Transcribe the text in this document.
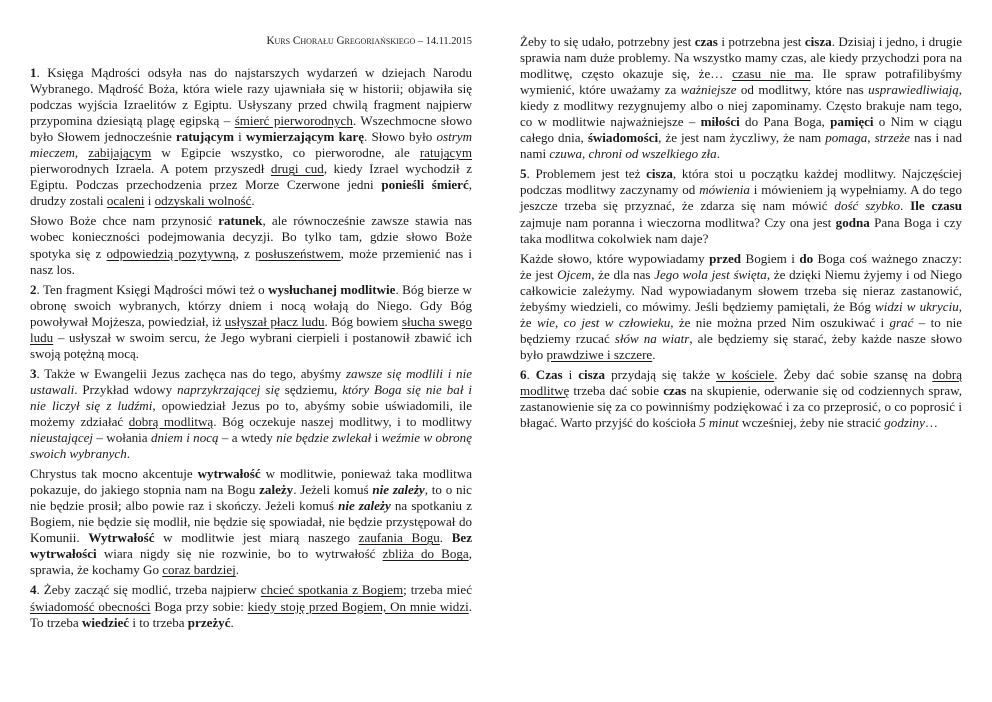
Kurs Chorału Gregoriańskiego – 14.11.2015

1. Księga Mądrości odsyła nas do najstarszych wydarzeń w dziejach Narodu Wybranego. Mądrość Boża, która wiele razy ujawniała się w historii; objawiła się podczas wyjścia Izraelitów z Egiptu. Usłyszany przed chwilą fragment najpierw przypomina dziesiątą plagę egipską – śmierć pierworodnych. Wszechmocne słowo było Słowem jednocześnie ratującym i wymierzającym karę. Słowo było ostrym mieczem, zabijającym w Egipcie wszystko, co pierworodne, ale ratującym pierworodnych Izraela. A potem przyszedł drugi cud, kiedy Izrael wychodził z Egiptu. Podczas przechodzenia przez Morze Czerwone jedni ponieśli śmierć, drudzy zostali ocaleni i odzyskali wolność.

Słowo Boże chce nam przynosić ratunek, ale równocześnie zawsze stawia nas wobec konieczności podejmowania decyzji. Bo tylko tam, gdzie słowo Boże spotyka się z odpowiedzią pozytywną, z posłuszeństwem, może przemienić nas i nasz los.

2. Ten fragment Księgi Mądrości mówi też o wysłuchanej modlitwie. Bóg bierze w obronę swoich wybranych, którzy dniem i nocą wołają do Niego. Gdy Bóg powoływał Mojżesza, powiedział, iż usłyszał płacz ludu. Bóg bowiem słucha swego ludu – usłyszał w swoim sercu, że Jego wybrani cierpieli i postanowił zbawić ich swoją potężną mocą.

3. Także w Ewangelii Jezus zachęca nas do tego, abyśmy zawsze się modlili i nie ustawali. Przykład wdowy naprzykrzającej się sędziemu, który Boga się nie bał i nie liczył się z ludźmi, opowiedział Jezus po to, abyśmy sobie uświadomili, ile możemy zdziałać dobrą modlitwą. Bóg oczekuje naszej modlitwy, i to modlitwy nieustającej – wołania dniem i nocą – a wtedy nie będzie zwlekał i weźmie w obronę swoich wybranych.

Chrystus tak mocno akcentuje wytrwałość w modlitwie, ponieważ taka modlitwa pokazuje, do jakiego stopnia nam na Bogu zależy. Jeżeli komuś nie zależy, to o nic nie będzie prosił; albo powie raz i skończy. Jeżeli komuś nie zależy na spotkaniu z Bogiem, nie będzie się modlił, nie będzie się spowiadał, nie będzie przystępował do Komunii. Wytrwałość w modlitwie jest miarą naszego zaufania Bogu. Bez wytrwałości wiara nigdy się nie rozwinie, bo to wytrwałość zbliża do Boga, sprawia, że kochamy Go coraz bardziej.

4. Żeby zacząć się modlić, trzeba najpierw chcieć spotkania z Bogiem; trzeba mieć świadomość obecności Boga przy sobie: kiedy stoję przed Bogiem, On mnie widzi. To trzeba wiedzieć i to trzeba przeżyć.

Żeby to się udało, potrzebny jest czas i potrzebna jest cisza. Dzisiaj i jedno, i drugie sprawia nam duże problemy. Na wszystko mamy czas, ale kiedy przychodzi pora na modlitwę, często okazuje się, że… czasu nie ma. Ile spraw potrafilibyśmy wymienić, które uważamy za ważniejsze od modlitwy, które nas usprawiedliwiają, kiedy z modlitwy rezygnujemy albo o niej zapominamy. Często brakuje nam tego, co w modlitwie najważniejsze – miłości do Pana Boga, pamięci o Nim w ciągu całego dnia, świadomości, że jest nam życzliwy, że nam pomaga, strzeże nas i nad nami czuwa, chroni od wszelkiego zła.

5. Problemem jest też cisza, która stoi u początku każdej modlitwy. Najczęściej podczas modlitwy zaczynamy od mówienia i mówieniem ją wypełniamy. A do tego jeszcze trzeba się przyznać, że zdarza się nam mówić dość szybko. Ile czasu zajmuje nam poranna i wieczorna modlitwa? Czy ona jest godna Pana Boga i czy taka modlitwa cokolwiek nam daje?

Każde słowo, które wypowiadamy przed Bogiem i do Boga coś ważnego znaczy: że jest Ojcem, że dla nas Jego wola jest święta, że dzięki Niemu żyjemy i od Niego całkowicie zależymy. Nad wypowiadanym słowem trzeba się nieraz zastanowić, żebyśmy wiedzieli, co mówimy. Jeśli będziemy pamiętali, że Bóg widzi w ukryciu, że wie, co jest w człowieku, że nie można przed Nim oszukiwać i grać – to nie będziemy rzucać słów na wiatr, ale będziemy się starać, żeby każde nasze słowo było prawdziwe i szczere.

6. Czas i cisza przydają się także w kościele. Żeby dać sobie szansę na dobrą modlitwę trzeba dać sobie czas na skupienie, oderwanie się od codziennych spraw, zastanowienie się za co powinniśmy podziękować i za co przeprosić, o co poprosić i błagać. Warto przyjść do kościoła 5 minut wcześniej, żeby nie stracić godziny…
